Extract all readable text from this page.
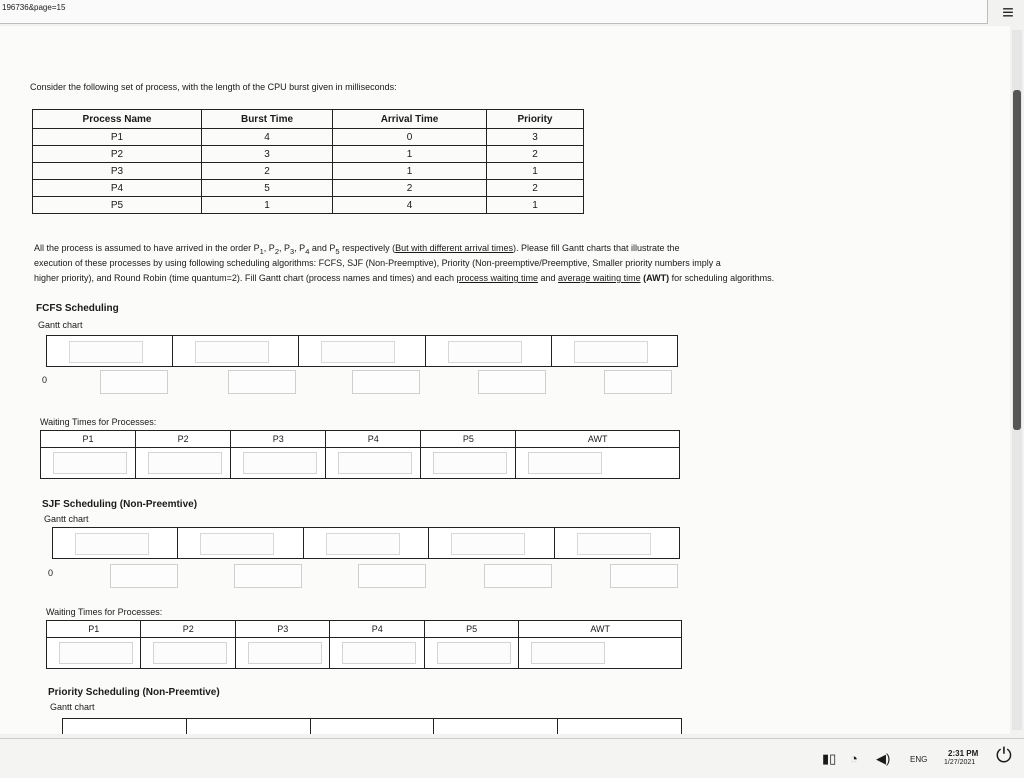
196736&page=15	≡
Consider the following set of process, with the length of the CPU burst given in milliseconds:
Process Name	Burst Time	Arrival Time	Priority
P1	4	0	3
P2	3	1	2
P3	2	1	1
P4	5	2	2
P5	1	4	1
All the process is assumed to have arrived in the order $P_1$, $P_2$, $P_3$, $P_4$ and $P_5$ respectively (But with different arrival times). Please fill Gantt charts that illustrate the
execution of these processes by using following scheduling algorithms: FCFS, SJF (Non-Preemptive), Priority (Non-preemptive/Preemptive, Smaller priority numbers imply a
higher priority), and Round Robin (time quantum=2). Fill Gantt chart (process names and times) and each process waiting time and average waiting time (AWT) for scheduling algorithms.
FCFS Scheduling
Gantt chart
0
Waiting Times for Processes:
P1	P2	P3	P4	P5	AWT

SJF Scheduling (Non-Preemtive)
Gantt chart
0
Waiting Times for Processes:
P1	P2	P3	P4	P5	AWT

Priority Scheduling (Non-Preemtive)
Gantt chart
▮▯ ◔ ◀) ENG
2:31 PM
1/27/2021 ⏻
